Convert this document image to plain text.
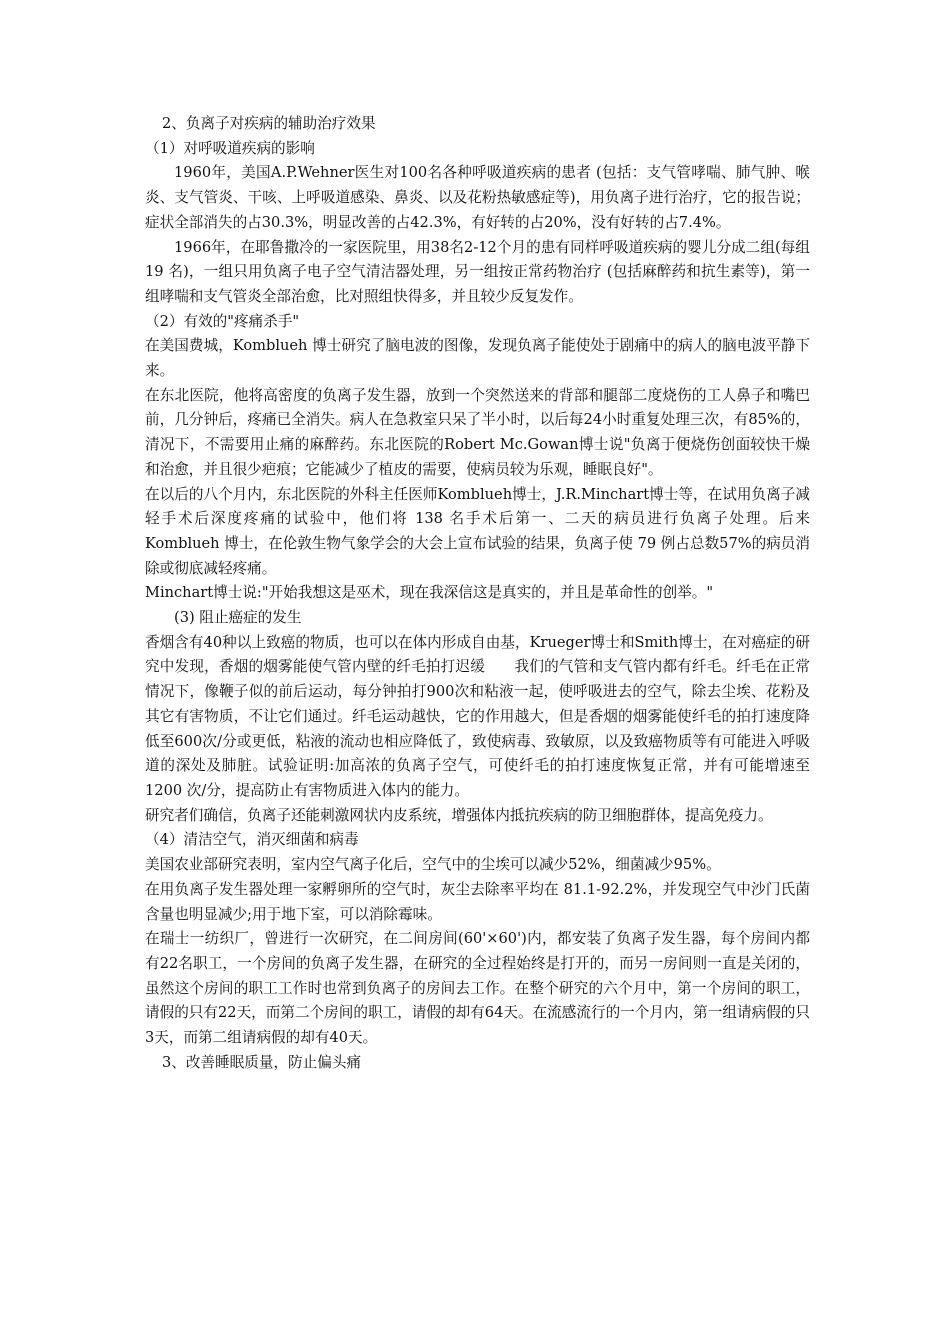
2、负离子对疾病的辅助治疗效果

（1）对呼吸道疾病的影响

1960年，美国A.P.Wehner医生对100名各种呼吸道疾病的患者 (包括：支气管哮喘、肺气肿、喉炎、支气管炎、干咳、上呼吸道感染、鼻炎、以及花粉热敏感症等)，用负离子进行治疗，它的报告说；症状全部消失的占30.3%，明显改善的占42.3%，有好转的占20%，没有好转的占7.4%。

1966年，在耶鲁撒冷的一家医院里，用38名2-12个月的患有同样呼吸道疾病的婴儿分成二组(每组 19 名)，一组只用负离子电子空气清洁器处理，另一组按正常药物治疗 (包括麻醉药和抗生素等)，第一组哮喘和支气管炎全部治愈，比对照组快得多，并且较少反复发作。

（2）有效的"疼痛杀手"

在美国费城，Komblueh 博士研究了脑电波的图像，发现负离子能使处于剧痛中的病人的脑电波平静下来。

在东北医院，他将高密度的负离子发生器，放到一个突然送来的背部和腿部二度烧伤的工人鼻子和嘴巴前，几分钟后，疼痛已全消失。病人在急救室只呆了半小时，以后每24小时重复处理三次，有85%的，清况下，不需要用止痛的麻醉药。东北医院的Robert Mc.Gowan博士说"负离于便烧伤创面较快干燥和治愈，并且很少疤痕；它能减少了植皮的需要，使病员较为乐观，睡眠良好"。

在以后的八个月内，东北医院的外科主任医师Komblueh博士，J.R.Minchart博士等，在试用负离子减轻手术后深度疼痛的试验中，他们将 138 名手术后第一、二天的病员进行负离子处理。后来 Komblueh 博士，在伦敦生物气象学会的大会上宣布试验的结果，负离子使 79 例占总数57%的病员消除或彻底减轻疼痛。

Minchart博士说:"开始我想这是巫术，现在我深信这是真实的，并且是革命性的创举。"

(3) 阻止癌症的发生

香烟含有40种以上致癌的物质，也可以在体内形成自由基，Krueger博士和Smith博士，在对癌症的研究中发现，香烟的烟雾能使气管内壁的纤毛拍打迟缓　　我们的气管和支气管内都有纤毛。纤毛在正常情况下，像鞭子似的前后运动，每分钟拍打900次和粘液一起，使呼吸进去的空气，除去尘埃、花粉及其它有害物质，不让它们通过。纤毛运动越快，它的作用越大，但是香烟的烟雾能使纤毛的拍打速度降低至600次/分或更低，粘液的流动也相应降低了，致使病毒、致敏原，以及致癌物质等有可能进入呼吸道的深处及肺脏。试验证明:加高浓的负离子空气，可使纤毛的拍打速度恢复正常，并有可能增速至 1200 次/分，提高防止有害物质进入体内的能力。

研究者们确信，负离子还能刺激网状内皮系统，增强体内抵抗疾病的防卫细胞群体，提高免疫力。

（4）清洁空气，消灭细菌和病毒

美国农业部研究表明，室内空气离子化后，空气中的尘埃可以减少52%，细菌减少95%。

在用负离子发生器处理一家孵卵所的空气时，灰尘去除率平均在 81.1-92.2%，并发现空气中沙门氏菌含量也明显减少;用于地下室，可以消除霉味。

在瑞士一纺织厂，曾进行一次研究，在二间房间(60'×60')内，都安装了负离子发生器，每个房间内都有22名职工，一个房间的负离子发生器，在研究的全过程始终是打开的，而另一房间则一直是关闭的，虽然这个房间的职工工作时也常到负离子的房间去工作。在整个研究的六个月中，第一个房间的职工，请假的只有22天，而第二个房间的职工，请假的却有64天。在流感流行的一个月内，第一组请病假的只3天，而第二组请病假的却有40天。

3、改善睡眠质量，防止偏头痛
